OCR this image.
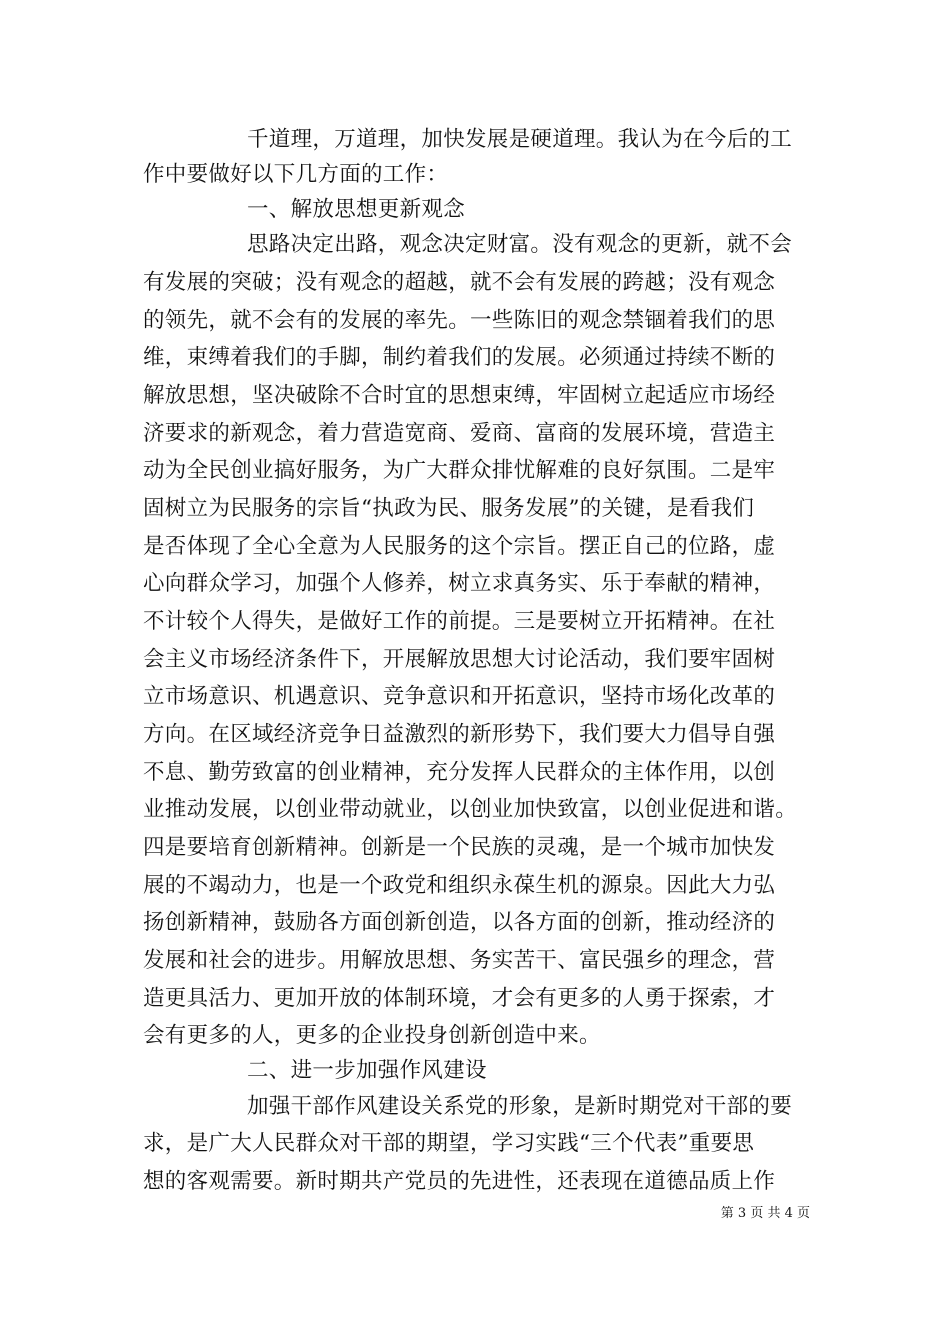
千道理，万道理，加快发展是硬道理。我认为在今后的工
作中要做好以下几方面的工作：
一、解放思想更新观念
思路决定出路，观念决定财富。没有观念的更新，就不会
有发展的突破；没有观念的超越，就不会有发展的跨越；没有观念
的领先，就不会有的发展的率先。一些陈旧的观念禁锢着我们的思
维，束缚着我们的手脚，制约着我们的发展。必须通过持续不断的
解放思想，坚决破除不合时宜的思想束缚，牢固树立起适应市场经
济要求的新观念，着力营造宽商、爱商、富商的发展环境，营造主
动为全民创业搞好服务，为广大群众排忧解难的良好氛围。二是牢
固树立为民服务的宗旨“执政为民、服务发展”的关键，是看我们
是否体现了全心全意为人民服务的这个宗旨。摆正自己的位路，虚
心向群众学习，加强个人修养，树立求真务实、乐于奉献的精神，
不计较个人得失，是做好工作的前提。三是要树立开拓精神。在社
会主义市场经济条件下，开展解放思想大讨论活动，我们要牢固树
立市场意识、机遇意识、竞争意识和开拓意识，坚持市场化改革的
方向。在区域经济竞争日益激烈的新形势下，我们要大力倡导自强
不息、勤劳致富的创业精神，充分发挥人民群众的主体作用，以创
业推动发展，以创业带动就业，以创业加快致富，以创业促进和谐。
四是要培育创新精神。创新是一个民族的灵魂，是一个城市加快发
展的不竭动力，也是一个政党和组织永葆生机的源泉。因此大力弘
扬创新精神，鼓励各方面创新创造，以各方面的创新，推动经济的
发展和社会的进步。用解放思想、务实苦干、富民强乡的理念，营
造更具活力、更加开放的体制环境，才会有更多的人勇于探索，才
会有更多的人，更多的企业投身创新创造中来。
二、进一步加强作风建设
加强干部作风建设关系党的形象，是新时期党对干部的要
求，是广大人民群众对干部的期望，学习实践“三个代表”重要思
想的客观需要。新时期共产党员的先进性，还表现在道德品质上作
第 3 页 共 4 页
